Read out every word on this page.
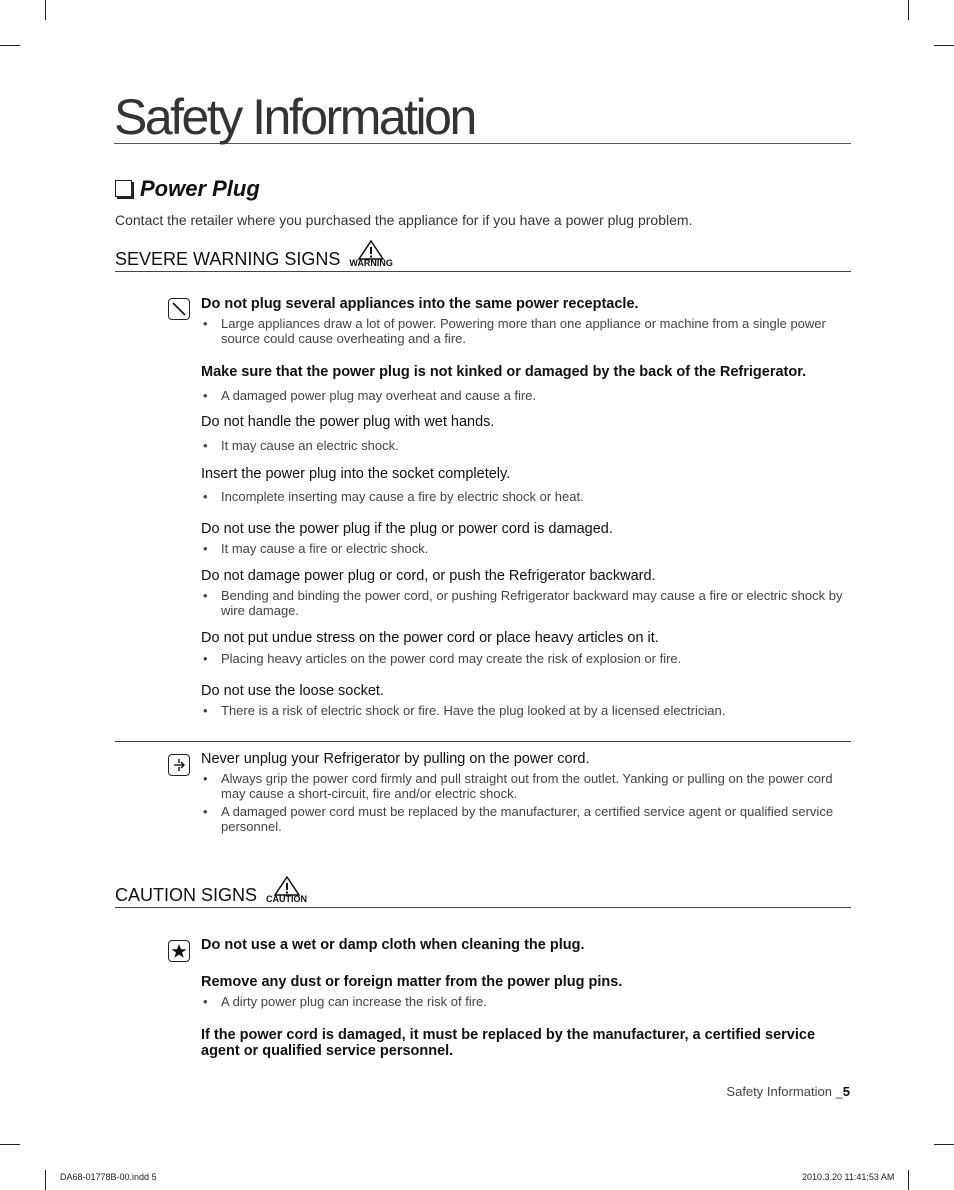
Safety Information
Power Plug
Contact the retailer where you purchased the appliance for if you have a power plug problem.
SEVERE WARNING SIGNS WARNING
Do not plug several appliances into the same power receptacle.
• Large appliances draw a lot of power. Powering more than one appliance or machine from a single power source could cause overheating and a fire.
Make sure that the power plug is not kinked or damaged by the back of the Refrigerator.
• A damaged power plug may overheat and cause a fire.
Do not handle the power plug with wet hands.
• It may cause an electric shock.
Insert the power plug into the socket completely.
• Incomplete inserting may cause a fire by electric shock or heat.
Do not use the power plug if the plug or power cord is damaged.
• It may cause a fire or electric shock.
Do not damage power plug or cord, or push the Refrigerator backward.
• Bending and binding the power cord, or pushing Refrigerator backward may cause a fire or electric shock by wire damage.
Do not put undue stress on the power cord or place heavy articles on it.
• Placing heavy articles on the power cord may create the risk of explosion or fire.
Do not use the loose socket.
• There is a risk of electric shock or fire. Have the plug looked at by a licensed electrician.
Never unplug your Refrigerator by pulling on the power cord.
• Always grip the power cord firmly and pull straight out from the outlet. Yanking or pulling on the power cord may cause a short-circuit, fire and/or electric shock.
• A damaged power cord must be replaced by the manufacturer, a certified service agent or qualified service personnel.
CAUTION SIGNS CAUTION
Do not use a wet or damp cloth when cleaning the plug.
Remove any dust or foreign matter from the power plug pins.
• A dirty power plug can increase the risk of fire.
If the power cord is damaged, it must be replaced by the manufacturer, a certified service agent or qualified service personnel.
Safety Information _5
DA68-01778B-00.indd 5	2010.3.20 11:41:53 AM
